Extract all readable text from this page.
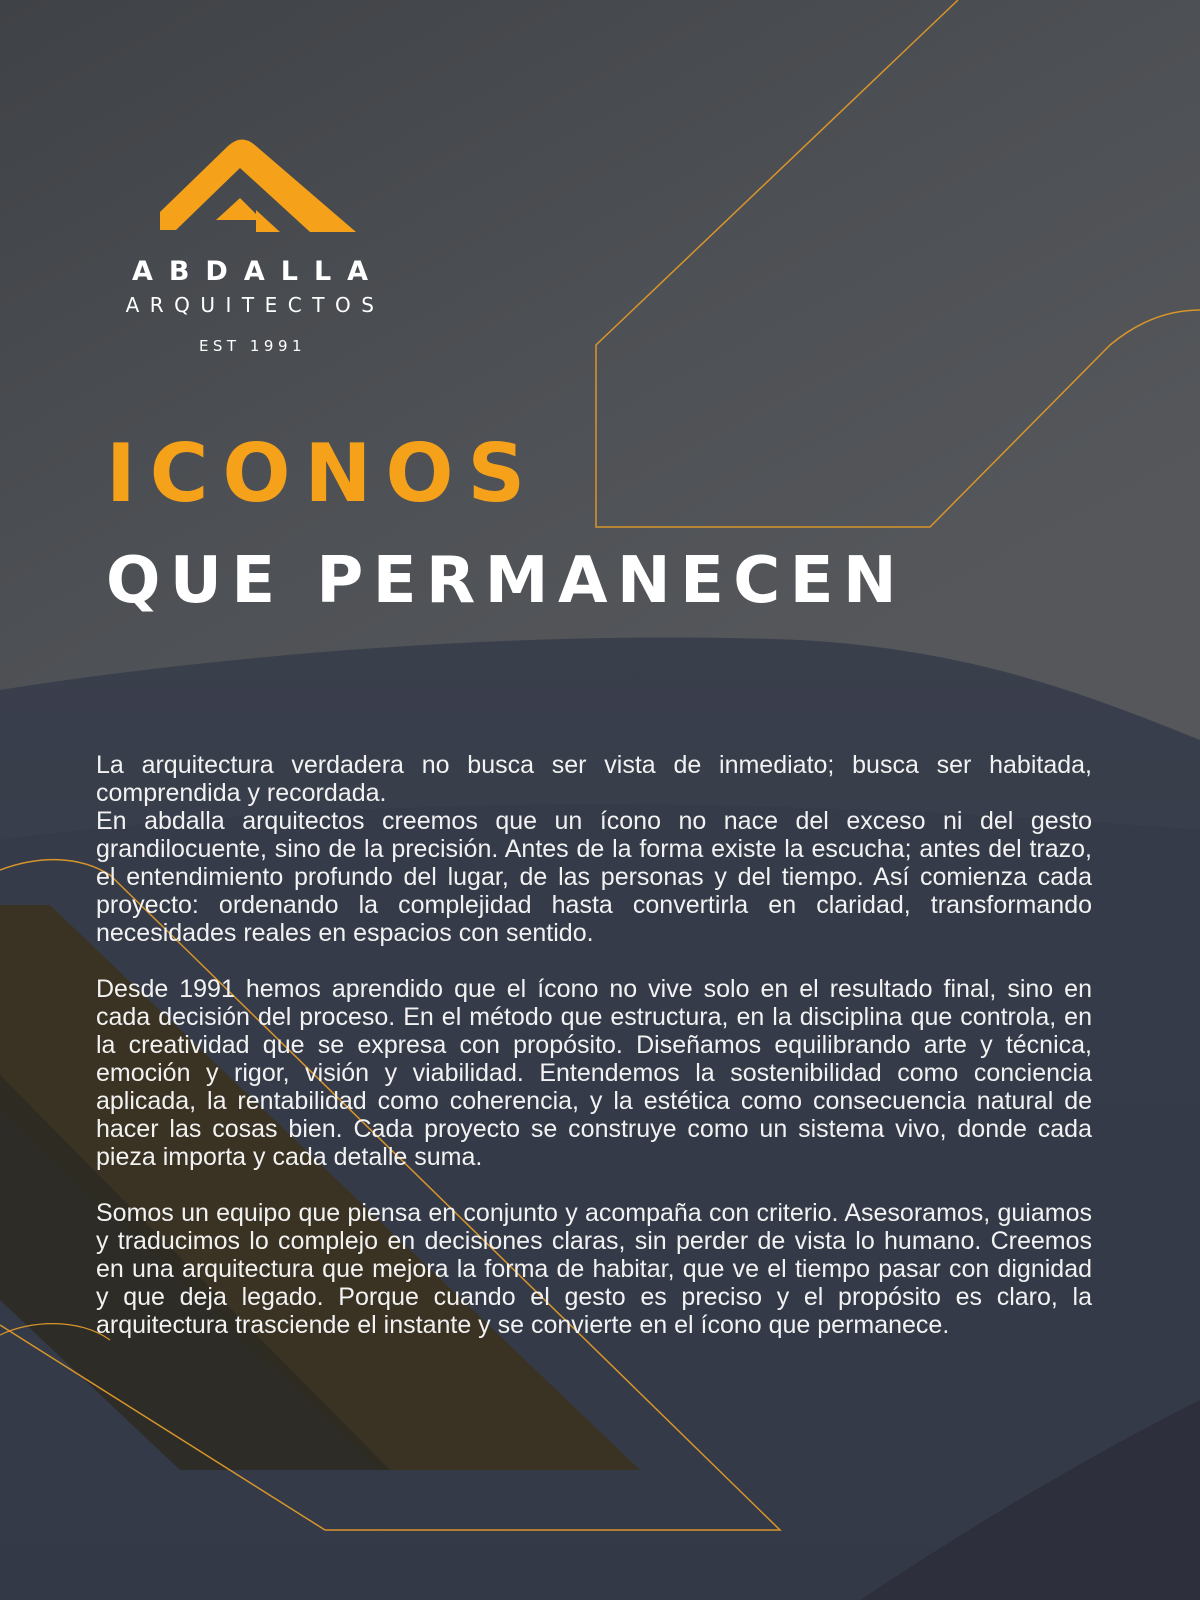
ABDALLA

ARQUITECTOS

EST 1991

ICONOS
QUE PERMANECEN

La arquitectura verdadera no busca ser vista de inmediato; busca ser habitada, comprendida y recordada.

En abdalla arquitectos creemos que un ícono no nace del exceso ni del gesto grandilocuente, sino de la precisión. Antes de la forma existe la escucha; antes del trazo, el entendimiento profundo del lugar, de las personas y del tiempo. Así comienza cada proyecto: ordenando la complejidad hasta convertirla en claridad, transformando necesidades reales en espacios con sentido.

Desde 1991 hemos aprendido que el ícono no vive solo en el resultado final, sino en cada decisión del proceso. En el método que estructura, en la disciplina que controla, en la creatividad que se expresa con propósito. Diseñamos equilibrando arte y técnica, emoción y rigor, visión y viabilidad. Entendemos la sostenibilidad como conciencia aplicada, la rentabilidad como coherencia, y la estética como consecuencia natural de hacer las cosas bien. Cada proyecto se construye como un sistema vivo, donde cada pieza importa y cada detalle suma.

Somos un equipo que piensa en conjunto y acompaña con criterio. Asesoramos, guiamos y traducimos lo complejo en decisiones claras, sin perder de vista lo humano. Creemos en una arquitectura que mejora la forma de habitar, que ve el tiempo pasar con dignidad y que deja legado. Porque cuando el gesto es preciso y el propósito es claro, la arquitectura trasciende el instante y se convierte en el ícono que permanece.
